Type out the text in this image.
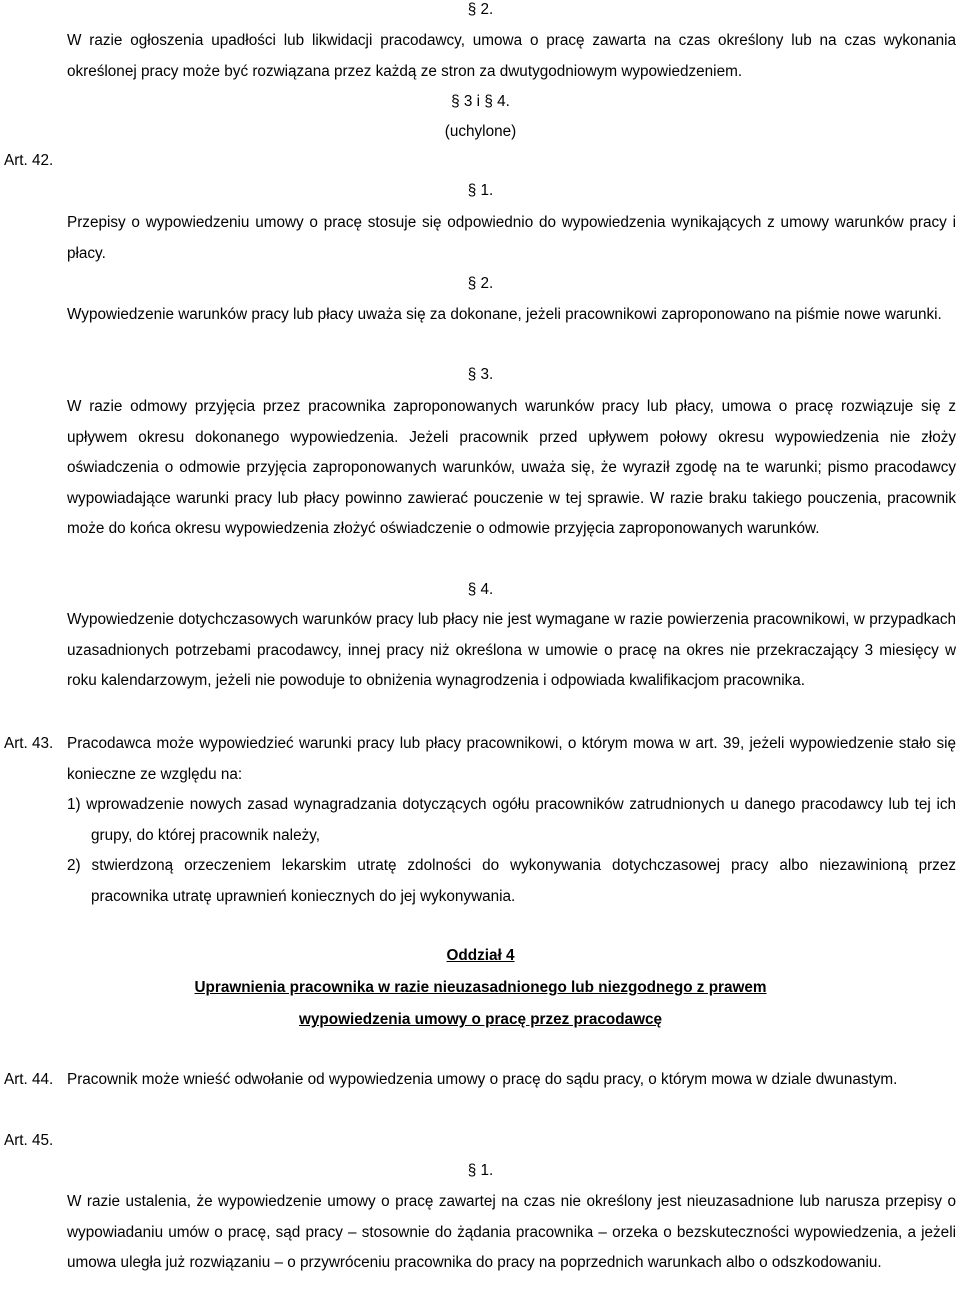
§ 2.
W razie ogłoszenia upadłości lub likwidacji pracodawcy, umowa o pracę zawarta na czas określony lub na czas wykonania określonej pracy może być rozwiązana przez każdą ze stron za dwutygodniowym wypowiedzeniem.
§ 3 i § 4.
(uchylone)
Art. 42.
§ 1.
Przepisy o wypowiedzeniu umowy o pracę stosuje się odpowiednio do wypowiedzenia wynikających z umowy warunków pracy i płacy.
§ 2.
Wypowiedzenie warunków pracy lub płacy uważa się za dokonane, jeżeli pracownikowi zaproponowano na piśmie nowe warunki.
§ 3.
W razie odmowy przyjęcia przez pracownika zaproponowanych warunków pracy lub płacy, umowa o pracę rozwiązuje się z upływem okresu dokonanego wypowiedzenia. Jeżeli pracownik przed upływem połowy okresu wypowiedzenia nie złoży oświadczenia o odmowie przyjęcia zaproponowanych warunków, uważa się, że wyraził zgodę na te warunki; pismo pracodawcy wypowiadające warunki pracy lub płacy powinno zawierać pouczenie w tej sprawie. W razie braku takiego pouczenia, pracownik może do końca okresu wypowiedzenia złożyć oświadczenie o odmowie przyjęcia zaproponowanych warunków.
§ 4.
Wypowiedzenie dotychczasowych warunków pracy lub płacy nie jest wymagane w razie powierzenia pracownikowi, w przypadkach uzasadnionych potrzebami pracodawcy, innej pracy niż określona w umowie o pracę na okres nie przekraczający 3 miesięcy w roku kalendarzowym, jeżeli nie powoduje to obniżenia wynagrodzenia i odpowiada kwalifikacjom pracownika.
Art. 43. Pracodawca może wypowiedzieć warunki pracy lub płacy pracownikowi, o którym mowa w art. 39, jeżeli wypowiedzenie stało się konieczne ze względu na:
1) wprowadzenie nowych zasad wynagradzania dotyczących ogółu pracowników zatrudnionych u danego pracodawcy lub tej ich grupy, do której pracownik należy,
2) stwierdzoną orzeczeniem lekarskim utratę zdolności do wykonywania dotychczasowej pracy albo niezawinioną przez pracownika utratę uprawnień koniecznych do jej wykonywania.
Oddział 4
Uprawnienia pracownika w razie nieuzasadnionego lub niezgodnego z prawem
wypowiedzenia umowy o pracę przez pracodawcę
Art. 44. Pracownik może wnieść odwołanie od wypowiedzenia umowy o pracę do sądu pracy, o którym mowa w dziale dwunastym.
Art. 45.
§ 1.
W razie ustalenia, że wypowiedzenie umowy o pracę zawartej na czas nie określony jest nieuzasadnione lub narusza przepisy o wypowiadaniu umów o pracę, sąd pracy – stosownie do żądania pracownika – orzeka o bezskuteczności wypowiedzenia, a jeżeli umowa uległa już rozwiązaniu – o przywróceniu pracownika do pracy na poprzednich warunkach albo o odszkodowaniu.
